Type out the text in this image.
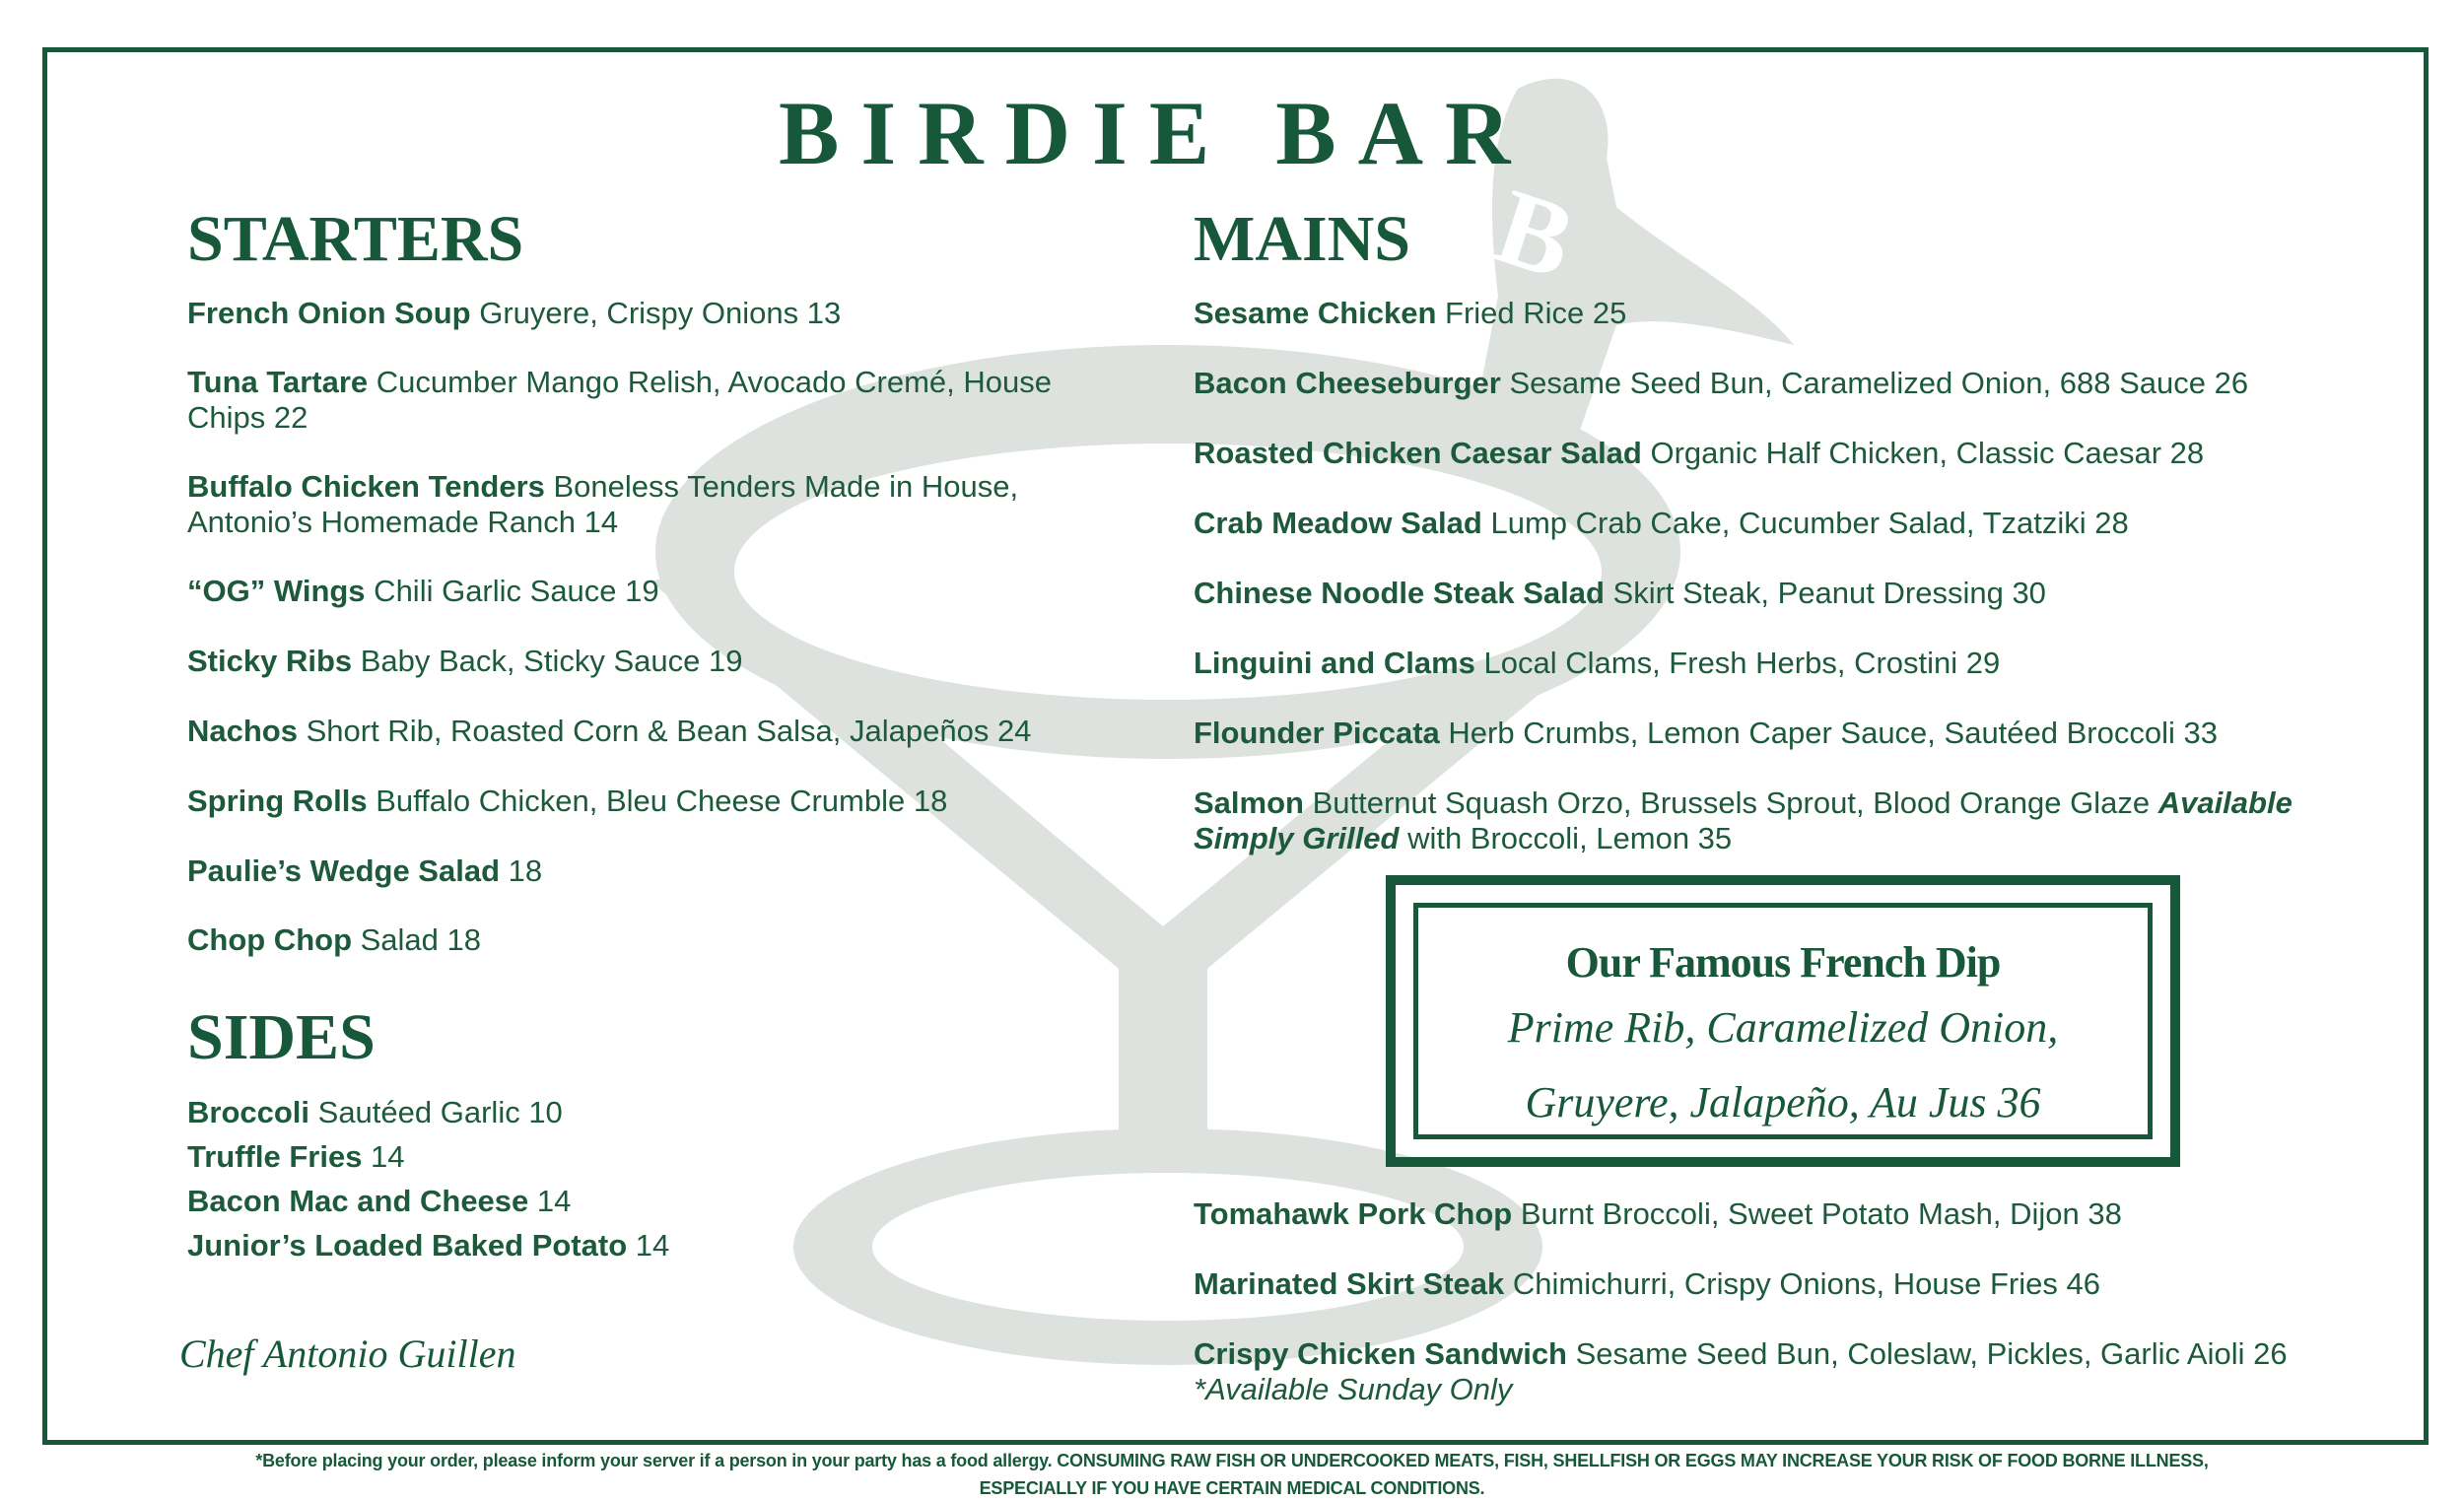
B
BIRDIE BAR
STARTERS
French Onion Soup Gruyere, Crispy Onions 13
Tuna Tartare Cucumber Mango Relish, Avocado Cremé, House Chips 22
Buffalo Chicken Tenders Boneless Tenders Made in House, Antonio’s Homemade Ranch 14
“OG” Wings Chili Garlic Sauce 19
Sticky Ribs Baby Back, Sticky Sauce 19
Nachos Short Rib, Roasted Corn & Bean Salsa, Jalapeños 24
Spring Rolls Buffalo Chicken, Bleu Cheese Crumble 18
Paulie’s Wedge Salad 18
Chop Chop Salad 18
SIDES
Broccoli Sautéed Garlic 10
Truffle Fries 14
Bacon Mac and Cheese 14
Junior’s Loaded Baked Potato 14
Chef Antonio Guillen
MAINS
Sesame Chicken Fried Rice 25
Bacon Cheeseburger Sesame Seed Bun, Caramelized Onion, 688 Sauce 26
Roasted Chicken Caesar Salad Organic Half Chicken, Classic Caesar 28
Crab Meadow Salad Lump Crab Cake, Cucumber Salad, Tzatziki 28
Chinese Noodle Steak Salad Skirt Steak, Peanut Dressing 30
Linguini and Clams Local Clams, Fresh Herbs, Crostini 29
Flounder Piccata Herb Crumbs, Lemon Caper Sauce, Sautéed Broccoli 33
Salmon Butternut Squash Orzo, Brussels Sprout, Blood Orange Glaze Available Simply Grilled with Broccoli, Lemon 35
Tomahawk Pork Chop Burnt Broccoli, Sweet Potato Mash, Dijon 38
Marinated Skirt Steak Chimichurri, Crispy Onions, House Fries 46
Crispy Chicken Sandwich Sesame Seed Bun, Coleslaw, Pickles, Garlic Aioli 26
*Available Sunday Only
Our Famous French Dip
Prime Rib, Caramelized Onion,
Gruyere, Jalapeño, Au Jus 36
*Before placing your order, please inform your server if a person in your party has a food allergy. CONSUMING RAW FISH OR UNDERCOOKED MEATS, FISH, SHELLFISH OR EGGS MAY INCREASE YOUR RISK OF FOOD BORNE ILLNESS,
ESPECIALLY IF YOU HAVE CERTAIN MEDICAL CONDITIONS.
